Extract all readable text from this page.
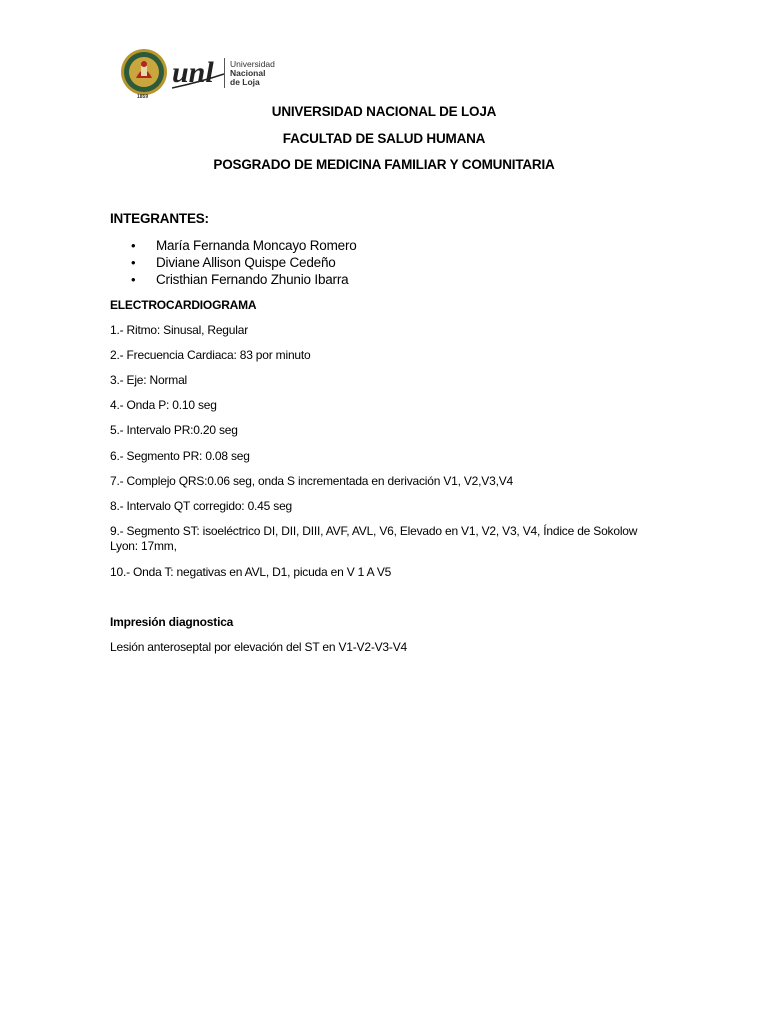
unl Universidad
Nacional
de Loja
1859
UNIVERSIDAD NACIONAL DE LOJA
FACULTAD DE SALUD HUMANA
POSGRADO DE MEDICINA FAMILIAR Y COMUNITARIA
INTEGRANTES:
• María Fernanda Moncayo Romero
• Diviane Allison Quispe Cedeño
• Cristhian Fernando Zhunio Ibarra
ELECTROCARDIOGRAMA
1.- Ritmo: Sinusal, Regular
2.- Frecuencia Cardiaca: 83 por minuto
3.- Eje: Normal
4.- Onda P: 0.10 seg
5.- Intervalo PR:0.20 seg
6.- Segmento PR: 0.08 seg
7.- Complejo QRS:0.06 seg, onda S incrementada en derivación V1, V2,V3,V4
8.- Intervalo QT corregido: 0.45 seg
9.- Segmento ST: isoeléctrico DI, DII, DIII, AVF, AVL, V6, Elevado en V1, V2, V3, V4, Índice de Sokolow Lyon: 17mm,
10.- Onda T: negativas en AVL, D1, picuda en V 1 A V5
Impresión diagnostica
Lesión anteroseptal por elevación del ST en V1-V2-V3-V4
